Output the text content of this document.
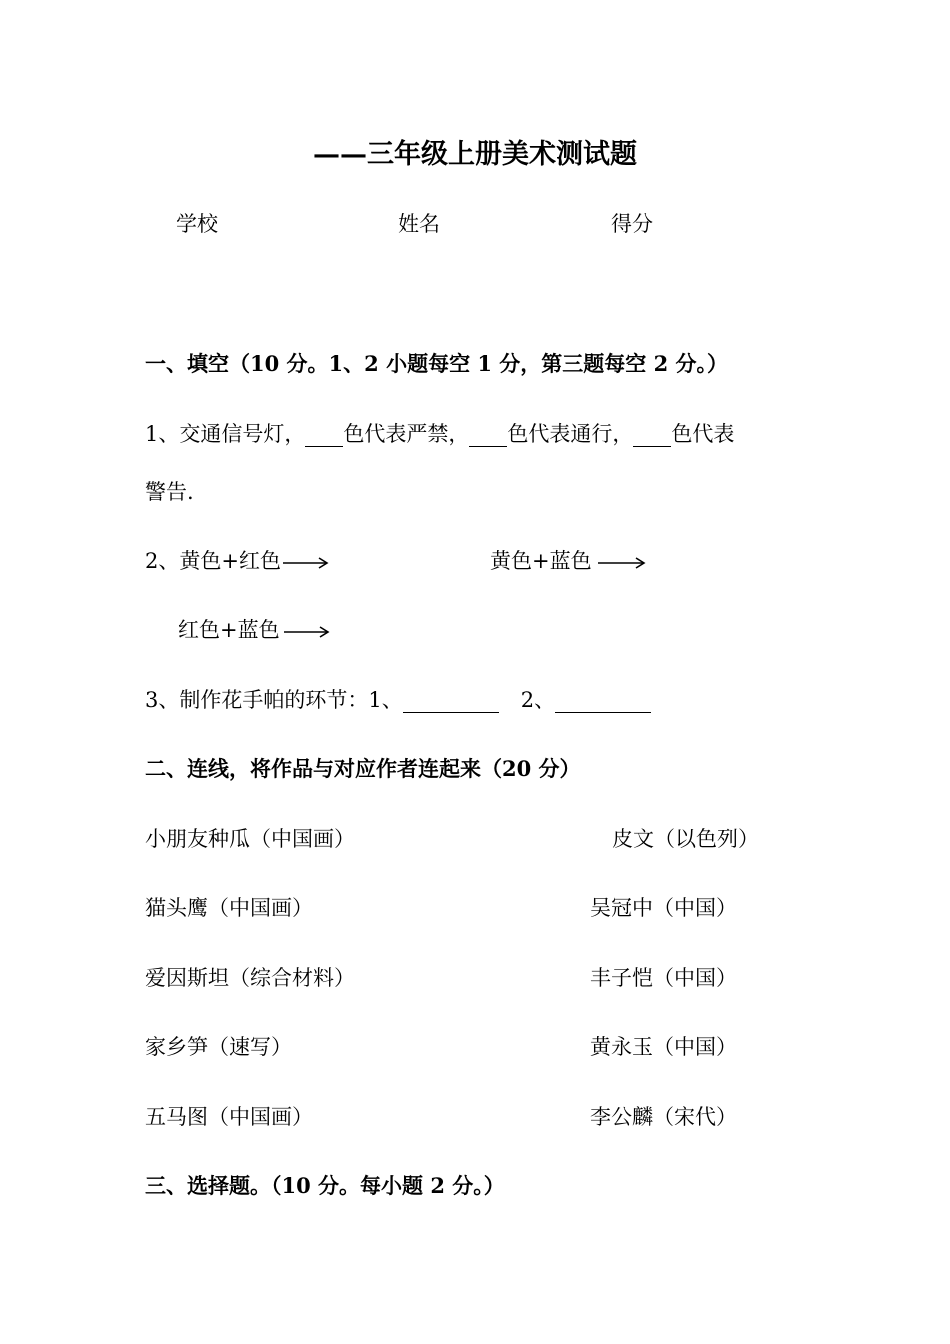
——三年级上册美术测试题
学校	姓名	得分
一、填空（10 分。1、2 小题每空 1 分，第三题每空 2 分。）
1、交通信号灯， 色代表严禁， 色代表通行， 色代表
警告.
2、黄色+红色	黄色+蓝色
红色+蓝色
3、制作花手帕的环节：1、	2、
二、连线，将作品与对应作者连起来（20 分）
小朋友种瓜（中国画）	皮文（以色列）
猫头鹰（中国画）	吴冠中（中国）
爱因斯坦（综合材料）	丰子恺（中国）
家乡笋（速写）	黄永玉（中国）
五马图（中国画）	李公麟（宋代）
三、选择题。（10 分。每小题 2 分。）
